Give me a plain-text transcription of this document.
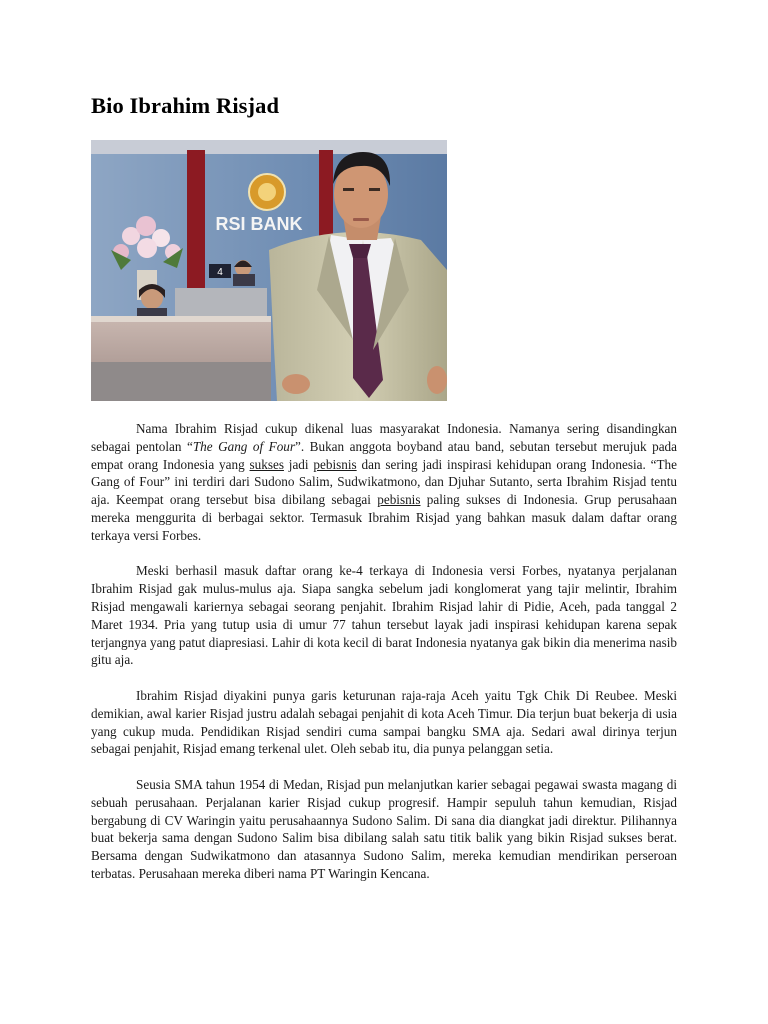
Bio Ibrahim Risjad
RSI BANK
4

Nama Ibrahim Risjad cukup dikenal luas masyarakat Indonesia. Namanya sering disandingkan sebagai pentolan “The Gang of Four”. Bukan anggota boyband atau band, sebutan tersebut merujuk pada empat orang Indonesia yang sukses jadi pebisnis dan sering jadi inspirasi kehidupan orang Indonesia. “The Gang of Four” ini terdiri dari Sudono Salim, Sudwikatmono, dan Djuhar Sutanto, serta Ibrahim Risjad tentu aja. Keempat orang tersebut bisa dibilang sebagai pebisnis paling sukses di Indonesia. Grup perusahaan mereka menggurita di berbagai sektor. Termasuk Ibrahim Risjad yang bahkan masuk dalam daftar orang terkaya versi Forbes.

Meski berhasil masuk daftar orang ke-4 terkaya di Indonesia versi Forbes, nyatanya perjalanan Ibrahim Risjad gak mulus-mulus aja. Siapa sangka sebelum jadi konglomerat yang tajir melintir, Ibrahim Risjad mengawali kariernya sebagai seorang penjahit. Ibrahim Risjad lahir di Pidie, Aceh, pada tanggal 2 Maret 1934. Pria yang tutup usia di umur 77 tahun tersebut layak jadi inspirasi kehidupan karena sepak terjangnya yang patut diapresiasi. Lahir di kota kecil di barat Indonesia nyatanya gak bikin dia menerima nasib gitu aja.

Ibrahim Risjad diyakini punya garis keturunan raja-raja Aceh yaitu Tgk Chik Di Reubee. Meski demikian, awal karier Risjad justru adalah sebagai penjahit di kota Aceh Timur. Dia terjun buat bekerja di usia yang cukup muda. Pendidikan Risjad sendiri cuma sampai bangku SMA aja. Sedari awal dirinya terjun sebagai penjahit, Risjad emang terkenal ulet. Oleh sebab itu, dia punya pelanggan setia.

Seusia SMA tahun 1954 di Medan, Risjad pun melanjutkan karier sebagai pegawai swasta magang di sebuah perusahaan. Perjalanan karier Risjad cukup progresif. Hampir sepuluh tahun kemudian, Risjad bergabung di CV Waringin yaitu perusahaannya Sudono Salim. Di sana dia diangkat jadi direktur. Pilihannya buat bekerja sama dengan Sudono Salim bisa dibilang salah satu titik balik yang bikin Risjad sukses berat. Bersama dengan Sudwikatmono dan atasannya Sudono Salim, mereka kemudian mendirikan perseroan terbatas. Perusahaan mereka diberi nama PT Waringin Kencana.
